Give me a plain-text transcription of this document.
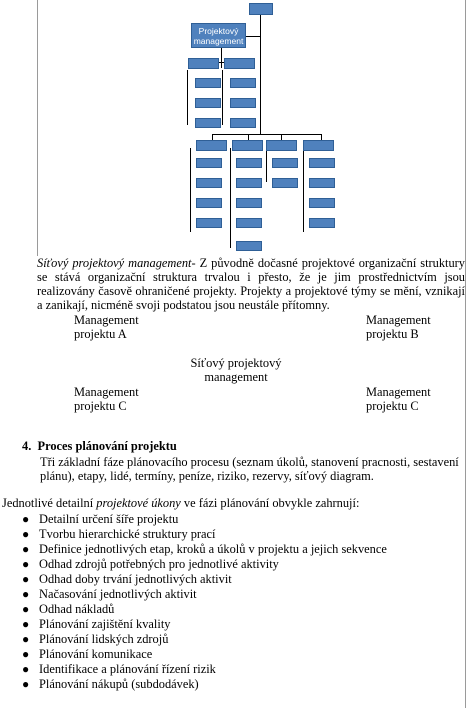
Projektový management
Síťový projektový management- Z původně dočasné projektové organizační struktury se stává organizační struktura trvalou i přesto, že je jim prostřednictvím jsou realizovány časově ohraničené projekty. Projekty a projektové týmy se mění, vznikají a zanikají, nicméně svoji podstatou jsou neustále přítomny.
Management
projektu A
Management
projektu B
Síťový projektový
management
Management
projektu C
Management
projektu C
4. Proces plánování projektu
Tři základní fáze plánovacího procesu (seznam úkolů, stanovení pracnosti, sestavení plánu), etapy, lidé, termíny, peníze, riziko, rezervy, síťový diagram.
Jednotlivé detailní projektové úkony ve fázi plánování obvykle zahrnují:
● Detailní určení šíře projektu
● Tvorbu hierarchické struktury prací
● Definice jednotlivých etap, kroků a úkolů v projektu a jejich sekvence
● Odhad zdrojů potřebných pro jednotlivé aktivity
● Odhad doby trvání jednotlivých aktivit
● Načasování jednotlivých aktivit
● Odhad nákladů
● Plánování zajištění kvality
● Plánování lidských zdrojů
● Plánování komunikace
● Identifikace a plánování řízení rizik
● Plánování nákupů (subdodávek)
